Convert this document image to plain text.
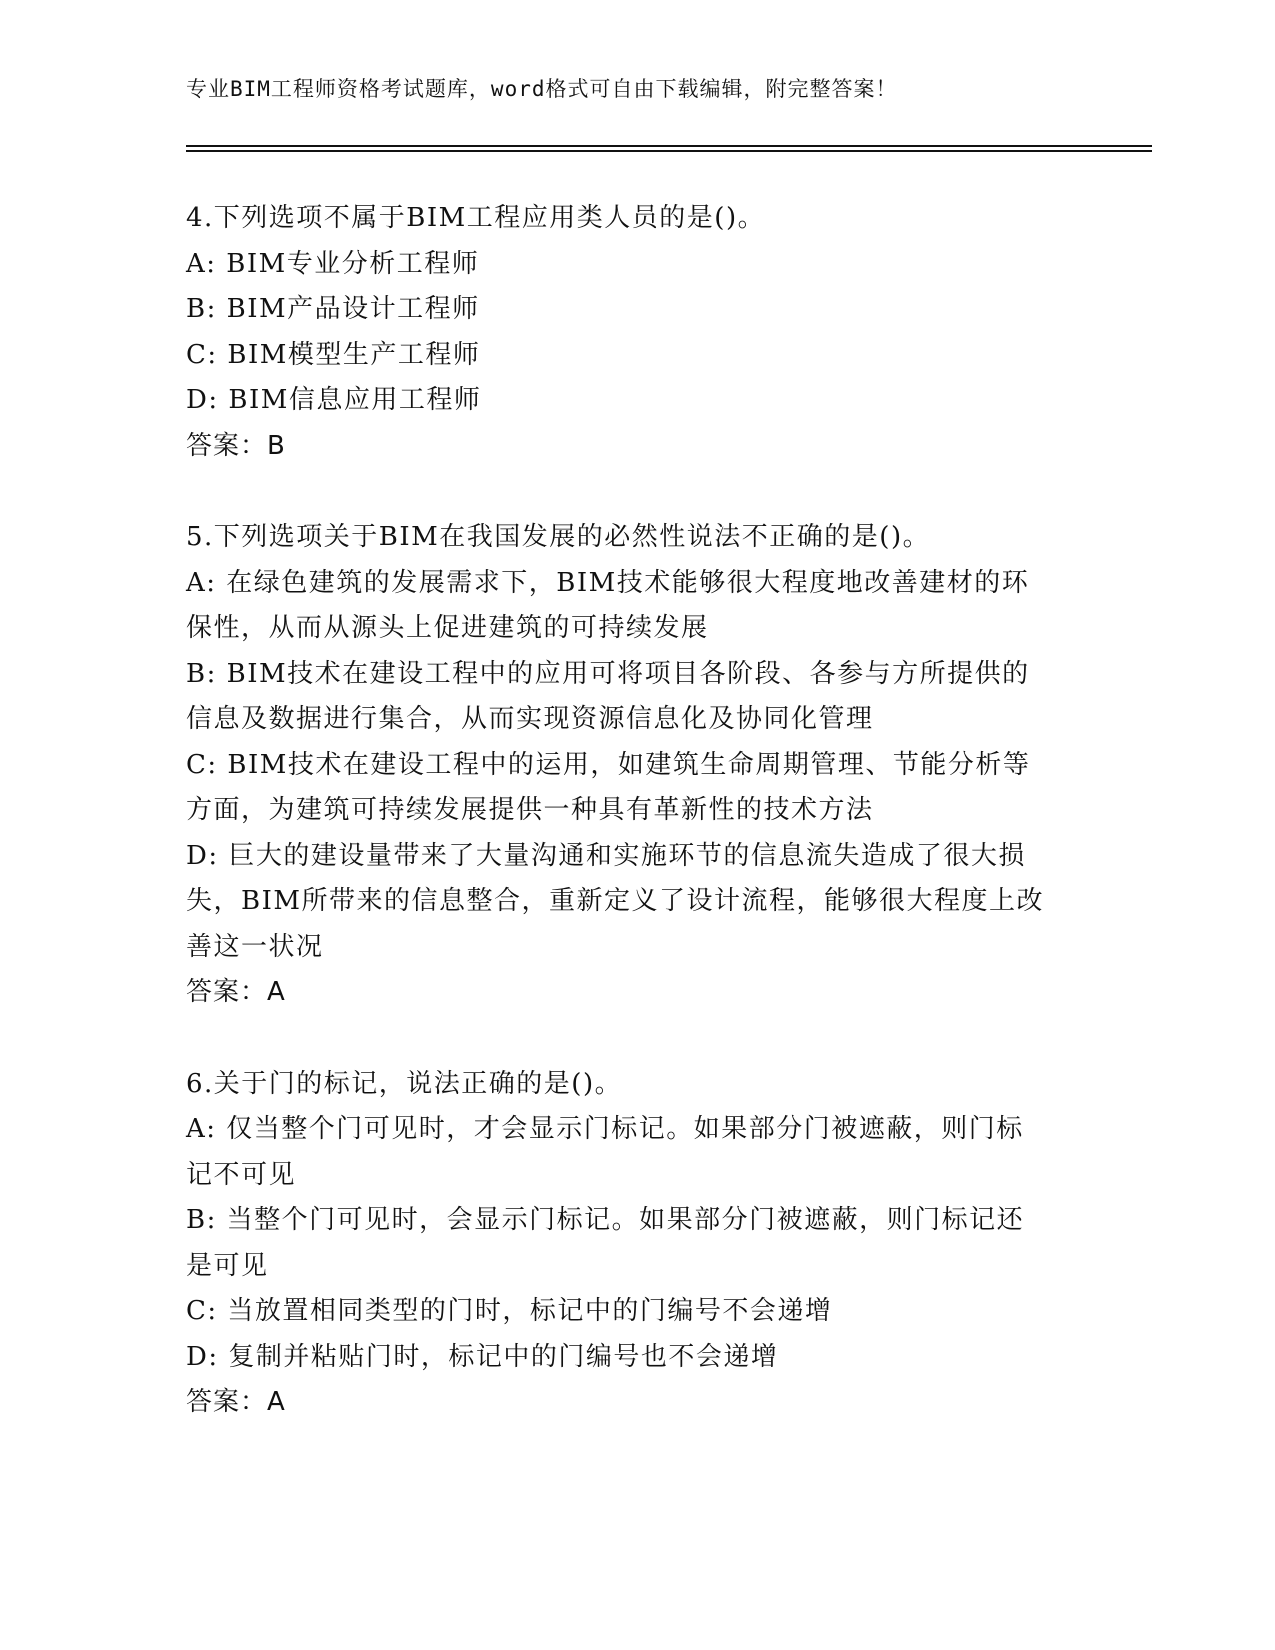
专业BIM工程师资格考试题库，word格式可自由下载编辑，附完整答案！
4.下列选项不属于BIM工程应用类人员的是()。
A: BIM专业分析工程师
B: BIM产品设计工程师
C: BIM模型生产工程师
D: BIM信息应用工程师
答案：B
5.下列选项关于BIM在我国发展的必然性说法不正确的是()。
A: 在绿色建筑的发展需求下，BIM技术能够很大程度地改善建材的环
保性，从而从源头上促进建筑的可持续发展
B: BIM技术在建设工程中的应用可将项目各阶段、各参与方所提供的
信息及数据进行集合，从而实现资源信息化及协同化管理
C: BIM技术在建设工程中的运用，如建筑生命周期管理、节能分析等
方面，为建筑可持续发展提供一种具有革新性的技术方法
D: 巨大的建设量带来了大量沟通和实施环节的信息流失造成了很大损
失，BIM所带来的信息整合，重新定义了设计流程，能够很大程度上改
善这一状况
答案：A
6.关于门的标记，说法正确的是()。
A: 仅当整个门可见时，才会显示门标记。如果部分门被遮蔽，则门标
记不可见
B: 当整个门可见时，会显示门标记。如果部分门被遮蔽，则门标记还
是可见
C: 当放置相同类型的门时，标记中的门编号不会递增
D: 复制并粘贴门时，标记中的门编号也不会递增
答案：A
